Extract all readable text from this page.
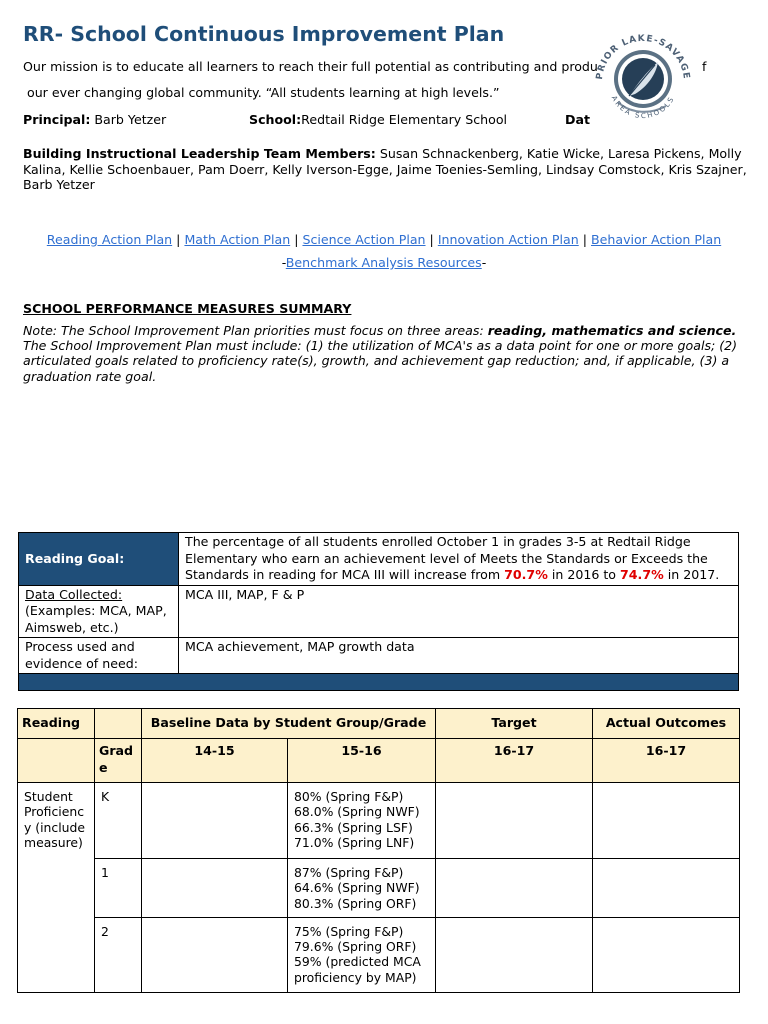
RR- School Continuous Improvement Plan
Our mission is to educate all learners to reach their full potential as contributing and produ	f
our ever changing global community. “All students learning at high levels.”
Principal: Barb Yetzer	School:Redtail Ridge Elementary School	Dat
PRIOR LAKE-SAVAGE
AREA SCHOOLS
Building Instructional Leadership Team Members: Susan Schnackenberg, Katie Wicke, Laresa Pickens, Molly Kalina, Kellie Schoenbauer, Pam Doerr, Kelly Iverson-Egge, Jaime Toenies-Semling, Lindsay Comstock, Kris Szajner, Barb Yetzer
Reading Action Plan | Math Action Plan | Science Action Plan | Innovation Action Plan | Behavior Action Plan
-Benchmark Analysis Resources-
SCHOOL PERFORMANCE MEASURES SUMMARY
Note: The School Improvement Plan priorities must focus on three areas: reading, mathematics and science. The School Improvement Plan must include: (1) the utilization of MCA's as a data point for one or more goals; (2) articulated goals related to proficiency rate(s), growth, and achievement gap reduction; and, if applicable, (3) a graduation rate goal.
Reading Goal:	The percentage of all students enrolled October 1 in grades 3-5 at Redtail Ridge Elementary who earn an achievement level of Meets the Standards or Exceeds the Standards in reading for MCA III will increase from 70.7% in 2016 to 74.7% in 2017.
Data Collected:
(Examples: MCA, MAP, Aimsweb, etc.)	MCA III, MAP, F & P
Process used and evidence of need:	MCA achievement, MAP growth data

Reading		Baseline Data by Student Group/Grade		Target	Actual Outcomes
	Grad e	14-15	15-16	16-17	16-17
Student Proficienc y (include measure)	K		80% (Spring F&P)
68.0% (Spring NWF)
66.3% (Spring LSF)
71.0% (Spring LNF)		

	1		87% (Spring F&P)
64.6% (Spring NWF)
80.3% (Spring ORF)		

	2		75% (Spring F&P)
79.6% (Spring ORF)
59% (predicted MCA proficiency by MAP)		
